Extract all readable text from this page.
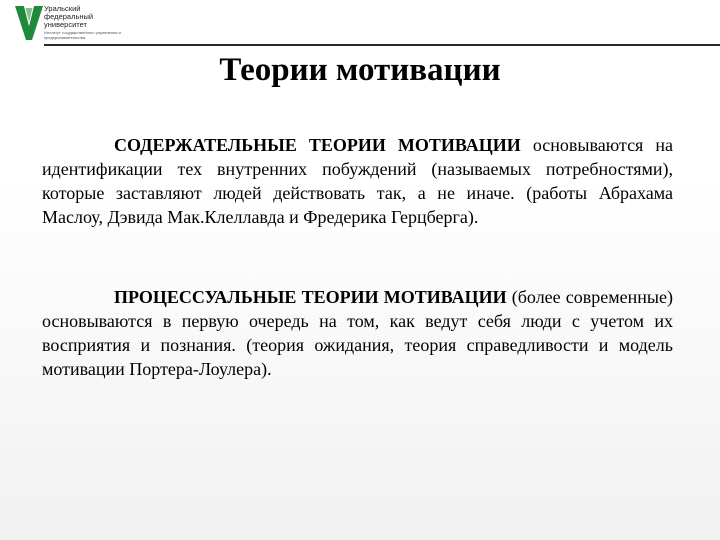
Уральский
федеральный
университет
Институт государственного управления и предпринимательства
Теории мотивации
СОДЕРЖАТЕЛЬНЫЕ ТЕОРИИ МОТИВАЦИИ основываются на идентификации тех внутренних побуждений (называемых потребностями), которые заставляют людей действовать так, а не иначе. (работы Абрахама Маслоу, Дэвида Мак.Клеллавда и Фредерика Герцберга).
ПРОЦЕССУАЛЬНЫЕ ТЕОРИИ МОТИВАЦИИ (более современные) основываются в первую очередь на том, как ведут себя люди с учетом их восприятия и познания. (теория ожидания, теория справедливости и модель мотивации Портера-Лоулера).
